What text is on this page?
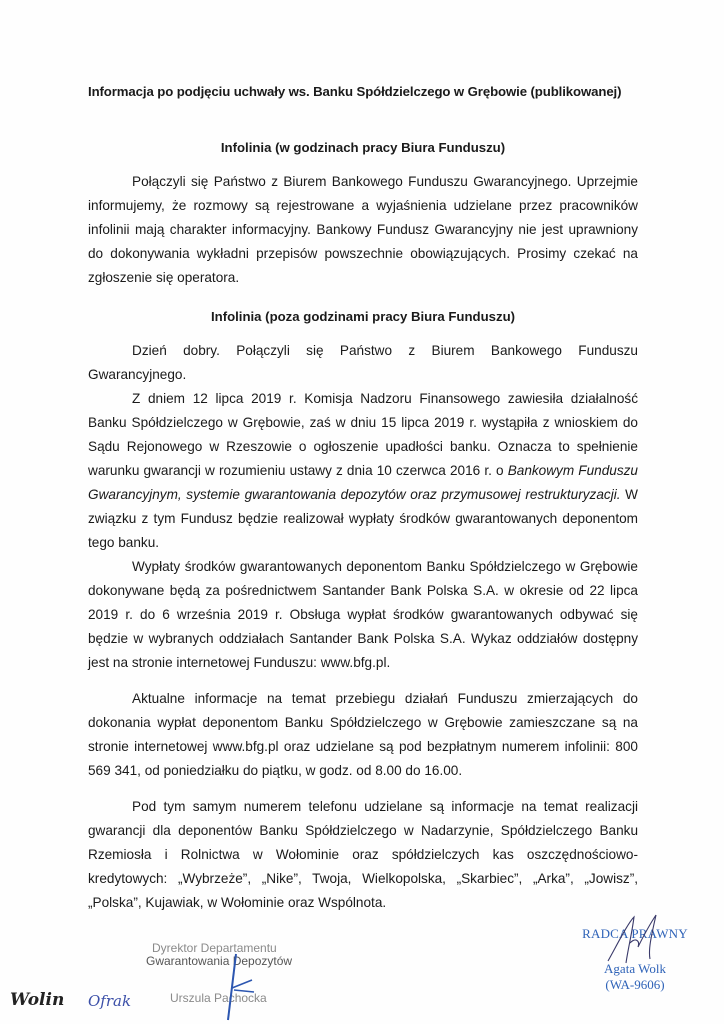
Informacja po podjęciu uchwały ws. Banku Spółdzielczego w Grębowie (publikowanej)
Infolinia (w godzinach pracy Biura Funduszu)

Połączyli się Państwo z Biurem Bankowego Funduszu Gwarancyjnego. Uprzejmie informujemy, że rozmowy są rejestrowane a wyjaśnienia udzielane przez pracowników infolinii mają charakter informacyjny. Bankowy Fundusz Gwarancyjny nie jest uprawniony do dokonywania wykładni przepisów powszechnie obowiązujących. Prosimy czekać na zgłoszenie się operatora.

Infolinia (poza godzinami pracy Biura Funduszu)

Dzień dobry. Połączyli się Państwo z Biurem Bankowego Funduszu Gwarancyjnego.

Z dniem 12 lipca 2019 r. Komisja Nadzoru Finansowego zawiesiła działalność Banku Spółdzielczego w Grębowie, zaś w dniu 15 lipca 2019 r. wystąpiła z wnioskiem do Sądu Rejonowego w Rzeszowie o ogłoszenie upadłości banku. Oznacza to spełnienie warunku gwarancji w rozumieniu ustawy z dnia 10 czerwca 2016 r. o Bankowym Funduszu Gwarancyjnym, systemie gwarantowania depozytów oraz przymusowej restrukturyzacji. W związku z tym Fundusz będzie realizował wypłaty środków gwarantowanych deponentom tego banku.

Wypłaty środków gwarantowanych deponentom Banku Spółdzielczego w Grębowie dokonywane będą za pośrednictwem Santander Bank Polska S.A. w okresie od 22 lipca 2019 r. do 6 września 2019 r. Obsługa wypłat środków gwarantowanych odbywać się będzie w wybranych oddziałach Santander Bank Polska S.A. Wykaz oddziałów dostępny jest na stronie internetowej Funduszu: www.bfg.pl.

Aktualne informacje na temat przebiegu działań Funduszu zmierzających do dokonania wypłat deponentom Banku Spółdzielczego w Grębowie zamieszczane są na stronie internetowej www.bfg.pl oraz udzielane są pod bezpłatnym numerem infolinii: 800 569 341, od poniedziałku do piątku, w godz. od 8.00 do 16.00.

Pod tym samym numerem telefonu udzielane są informacje na temat realizacji gwarancji dla deponentów Banku Spółdzielczego w Nadarzynie, Spółdzielczego Banku Rzemiosła i Rolnictwa w Wołominie oraz spółdzielczych kas oszczędnościowo-kredytowych: „Wybrzeże”, „Nike”, Twoja, Wielkopolska, „Skarbiec”, „Arka”, „Jowisz”, „Polska”, Kujawiak, w Wołominie oraz Wspólnota.

Dyrektor Departamentu
Gwarantowania Depozytów
Urszula Pachocka
RADCA PRAWNY
Agata Wolk
(WA-9606)
Wolin Ofrak
